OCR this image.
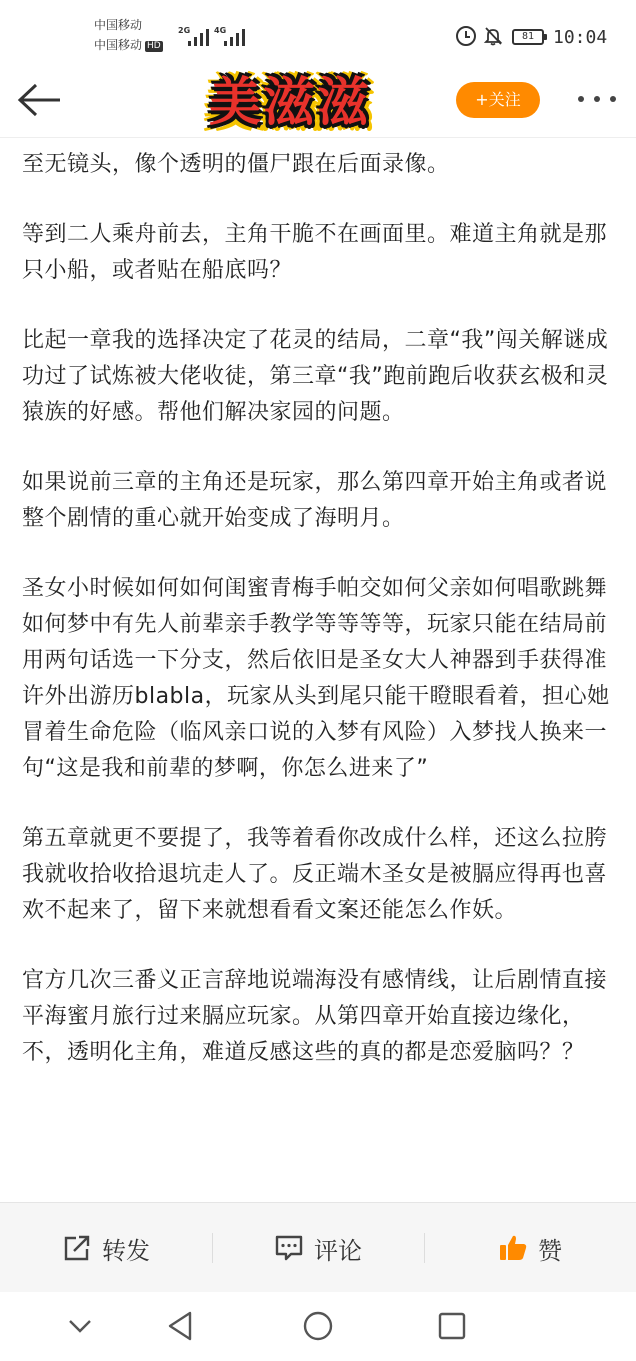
中国移动
中国移动 HD
2G	4G
81	10:04
美滋滋	+关注

至无镜头，像个透明的僵尸跟在后面录像。

等到二人乘舟前去，主角干脆不在画面里。难道主角就是那只小船，或者贴在船底吗？

比起一章我的选择决定了花灵的结局，二章“我”闯关解谜成功过了试炼被大佬收徒，第三章“我”跑前跑后收获玄极和灵猿族的好感。帮他们解决家园的问题。

如果说前三章的主角还是玩家，那么第四章开始主角或者说整个剧情的重心就开始变成了海明月。

圣女小时候如何如何闺蜜青梅手帕交如何父亲如何唱歌跳舞如何梦中有先人前辈亲手教学等等等等，玩家只能在结局前用两句话选一下分支，然后依旧是圣女大人神器到手获得准许外出游历blabla，玩家从头到尾只能干瞪眼看着，担心她冒着生命危险（临风亲口说的入梦有风险）入梦找人换来一句“这是我和前辈的梦啊，你怎么进来了”

第五章就更不要提了，我等着看你改成什么样，还这么拉胯我就收拾收拾退坑走人了。反正端木圣女是被膈应得再也喜欢不起来了，留下来就想看看文案还能怎么作妖。

官方几次三番义正言辞地说端海没有感情线，让后剧情直接平海蜜月旅行过来膈应玩家。从第四章开始直接边缘化，不，透明化主角，难道反感这些的真的都是恋爱脑吗？？

转发	评论	赞
